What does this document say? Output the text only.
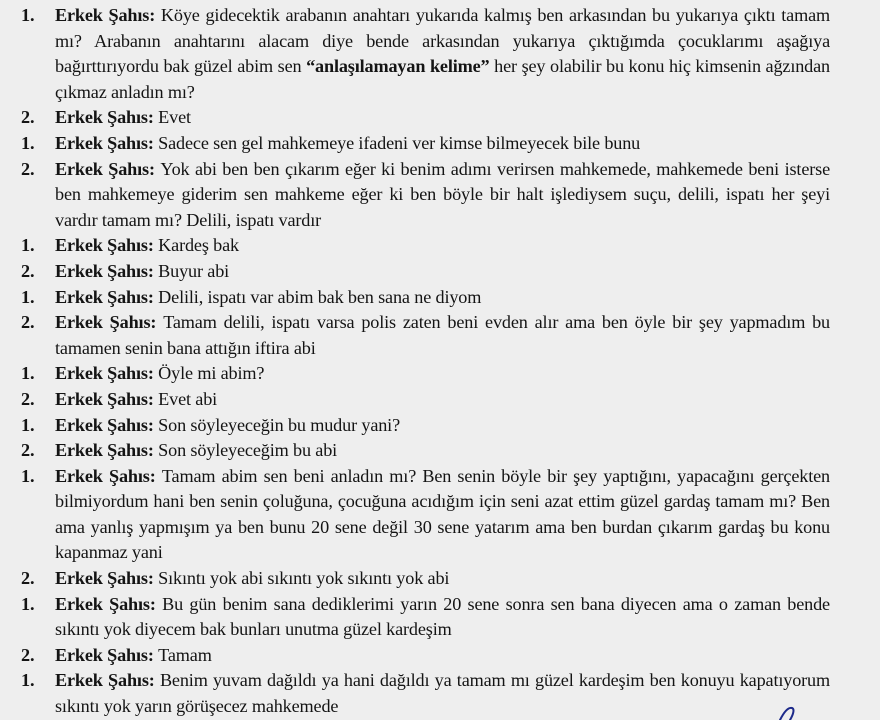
1. Erkek Şahıs: Köye gidecektik arabanın anahtarı yukarıda kalmış ben arkasından bu yukarıya çıktı tamam mı? Arabanın anahtarını alacam diye bende arkasından yukarıya çıktığımda çocuklarımı aşağıya bağırttırıyordu bak güzel abim sen “anlaşılamayan kelime” her şey olabilir bu konu hiç kimsenin ağzından çıkmaz anladın mı?
2. Erkek Şahıs: Evet
1. Erkek Şahıs: Sadece sen gel mahkemeye ifadeni ver kimse bilmeyecek bile bunu
2. Erkek Şahıs: Yok abi ben ben çıkarım eğer ki benim adımı verirsen mahkemede, mahkemede beni isterse ben mahkemeye giderim sen mahkeme eğer ki ben böyle bir halt işlediysem suçu, delili, ispatı her şeyi vardır tamam mı? Delili, ispatı vardır
1. Erkek Şahıs: Kardeş bak
2. Erkek Şahıs: Buyur abi
1. Erkek Şahıs: Delili, ispatı var abim bak ben sana ne diyom
2. Erkek Şahıs: Tamam delili, ispatı varsa polis zaten beni evden alır ama ben öyle bir şey yapmadım bu tamamen senin bana attığın iftira abi
1. Erkek Şahıs: Öyle mi abim?
2. Erkek Şahıs: Evet abi
1. Erkek Şahıs: Son söyleyeceğin bu mudur yani?
2. Erkek Şahıs: Son söyleyeceğim bu abi
1. Erkek Şahıs: Tamam abim sen beni anladın mı? Ben senin böyle bir şey yaptığını, yapacağını gerçekten bilmiyordum hani ben senin çoluğuna, çocuğuna acıdığım için seni azat ettim güzel gardaş tamam mı? Ben ama yanlış yapmışım ya ben bunu 20 sene değil 30 sene yatarım ama ben burdan çıkarım gardaş bu konu kapanmaz yani
2. Erkek Şahıs: Sıkıntı yok abi sıkıntı yok sıkıntı yok abi
1. Erkek Şahıs: Bu gün benim sana dediklerimi yarın 20 sene sonra sen bana diyecen ama o zaman bende sıkıntı yok diyecem bak bunları unutma güzel kardeşim
2. Erkek Şahıs: Tamam
1. Erkek Şahıs: Benim yuvam dağıldı ya hani dağıldı ya tamam mı güzel kardeşim ben konuyu kapatıyorum sıkıntı yok yarın görüşecez mahkemede
